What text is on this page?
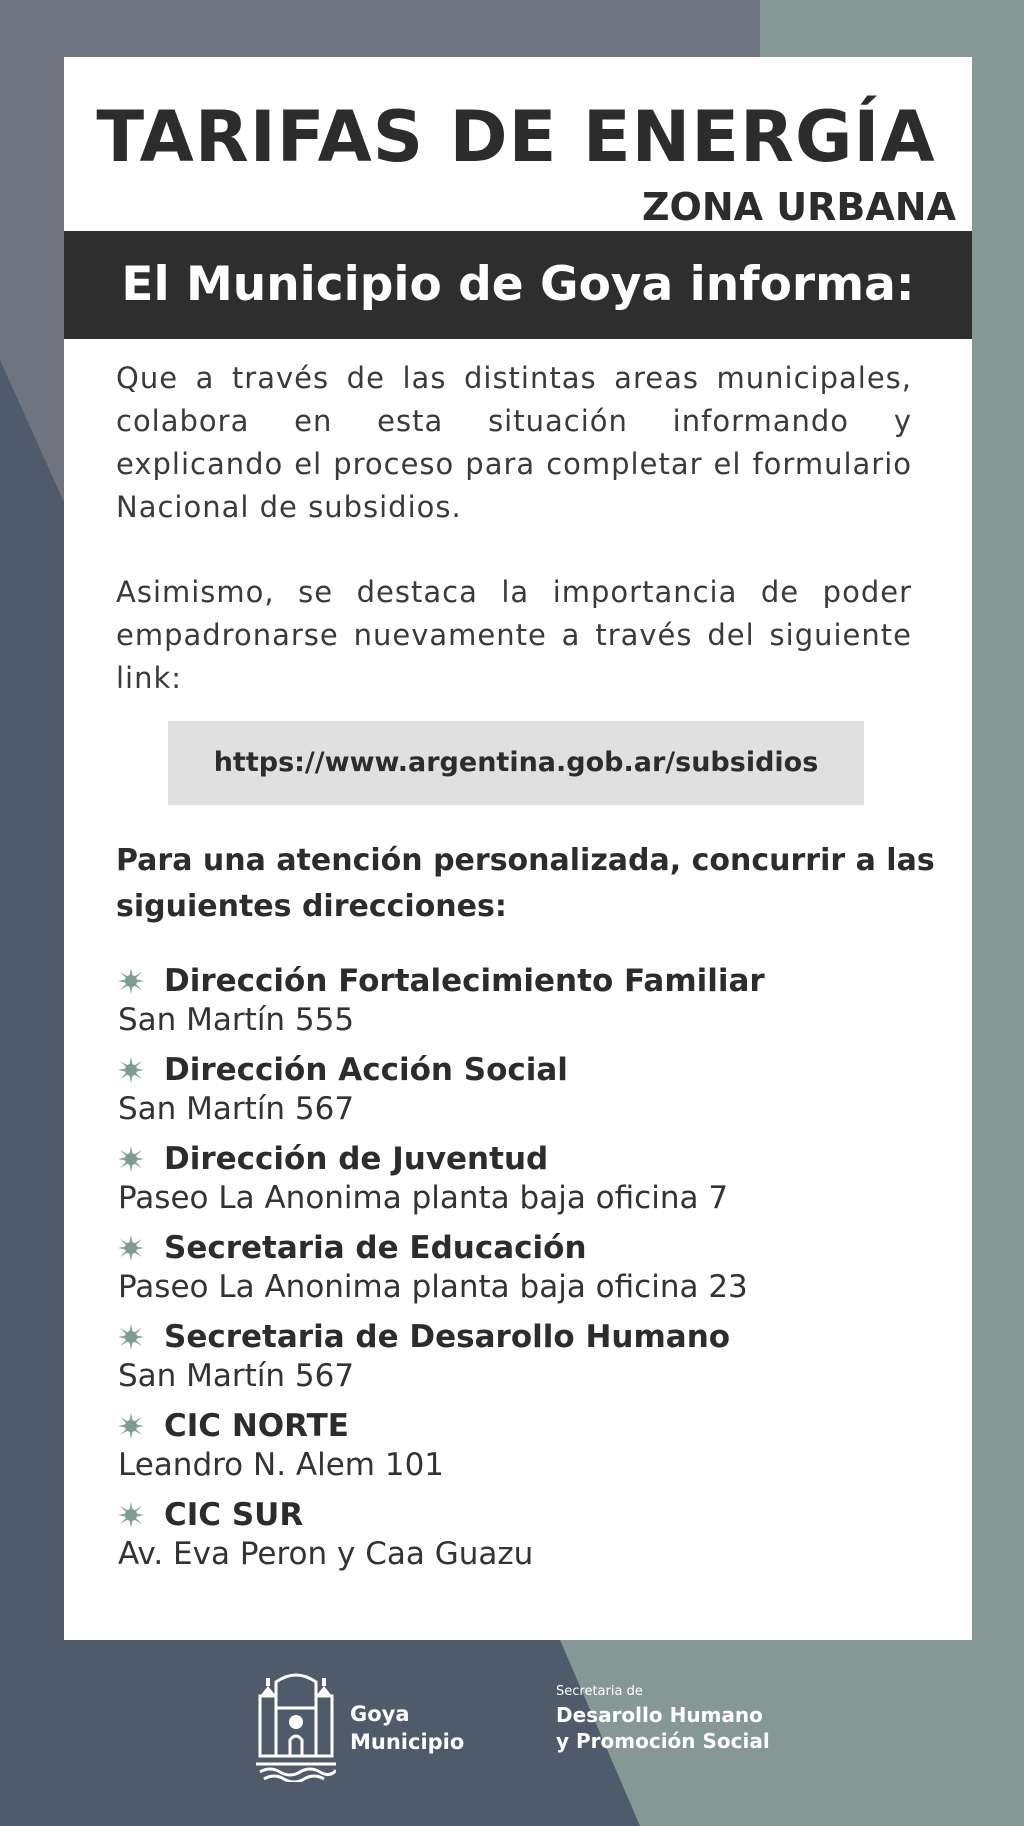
TARIFAS DE ENERGÍA
ZONA URBANA
El Municipio de Goya informa:
Que a través de las distintas areas municipales, colabora en esta situación informando y explicando el proceso para completar el formulario Nacional de subsidios.
Asimismo, se destaca la importancia de poder empadronarse nuevamente a través del siguiente link:
https://www.argentina.gob.ar/subsidios
Para una atención personalizada, concurrir a las siguientes direcciones:
Dirección Fortalecimiento Familiar
San Martín 555
Dirección Acción Social
San Martín 567
Dirección de Juventud
Paseo La Anonima planta baja oficina 7
Secretaria de Educación
Paseo La Anonima planta baja oficina 23
Secretaria de Desarollo Humano
San Martín 567
CIC NORTE
Leandro N. Alem 101
CIC SUR
Av. Eva Peron y Caa Guazu
Goya
Municipio
Secretaria de
Desarollo Humano
y Promoción Social
